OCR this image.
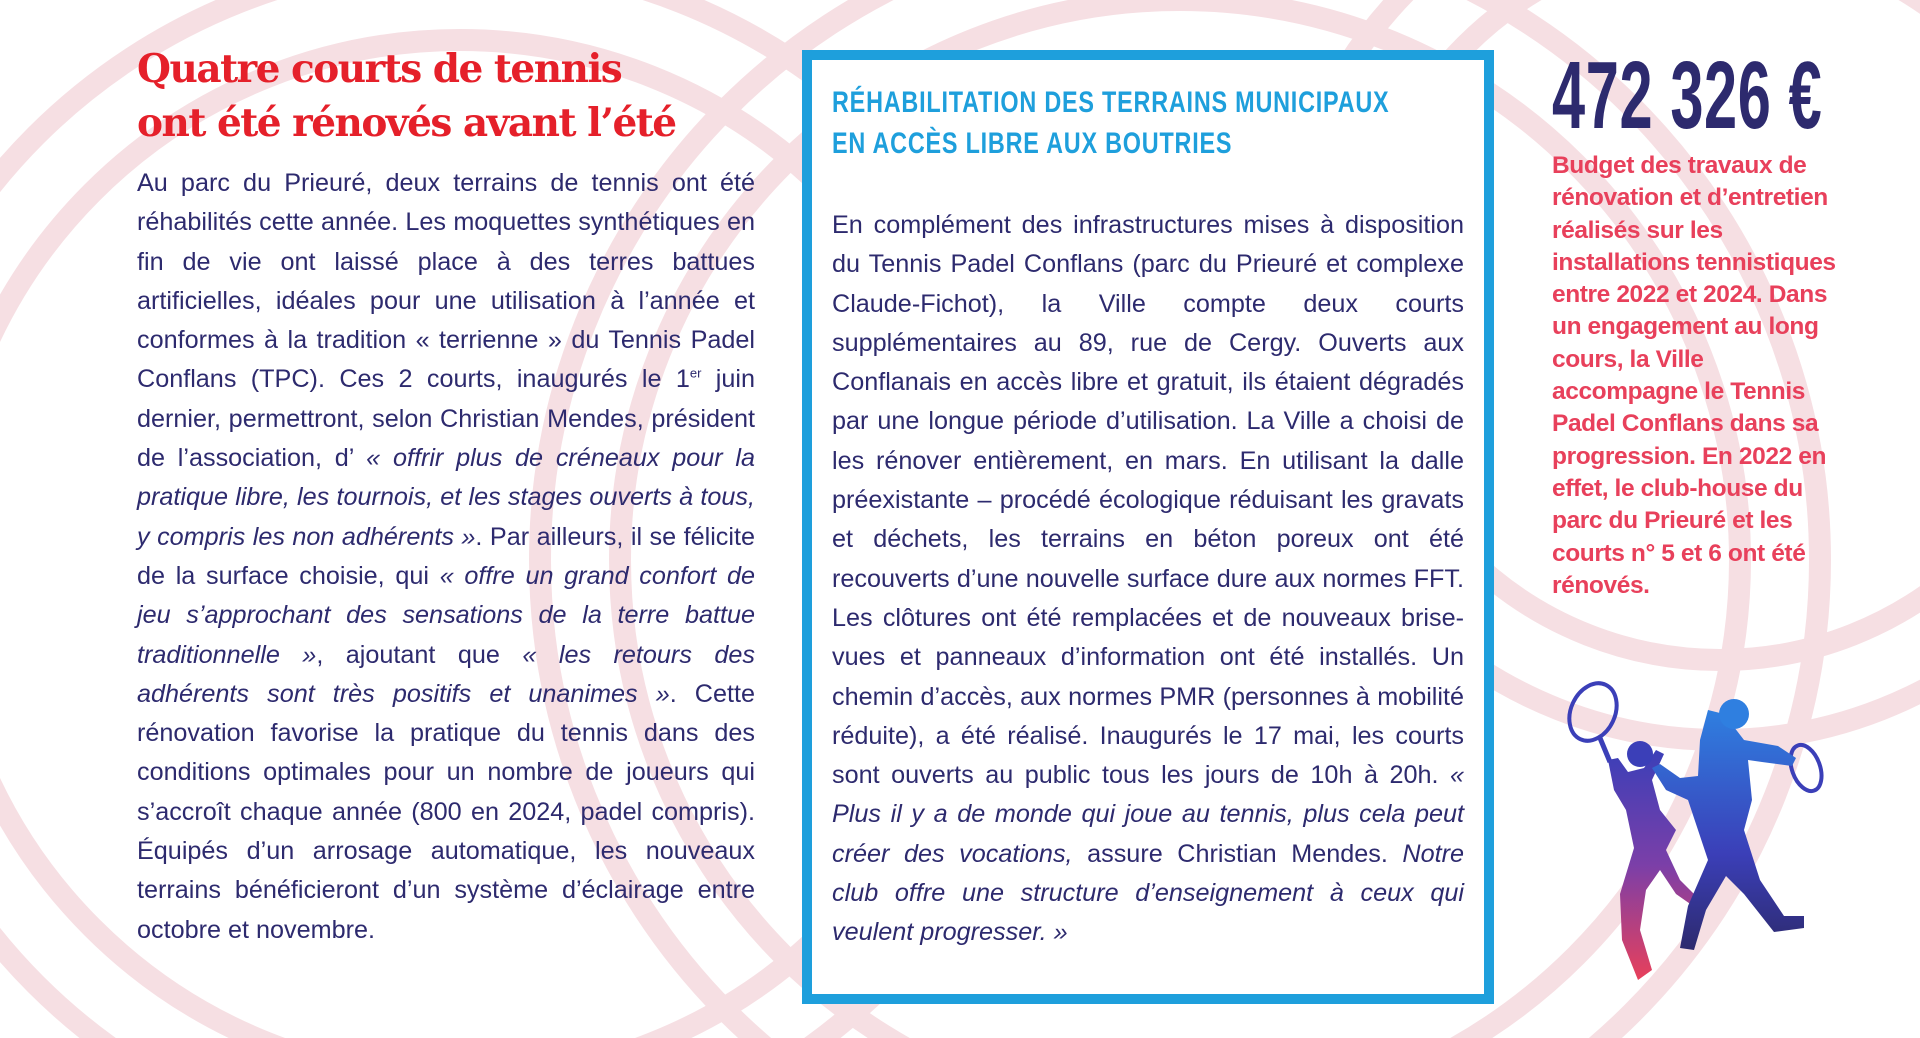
Quatre courts de tennis
ont été rénovés avant l’été

Au parc du Prieuré, deux terrains de tennis ont été réhabilités cette année. Les moquettes synthétiques en fin de vie ont laissé place à des terres battues artificielles, idéales pour une utilisation à l’année et conformes à la tradition « terrienne » du Tennis Padel Conflans (TPC). Ces 2 courts, inaugurés le 1er juin dernier, permettront, selon Christian Mendes, président de l’association, d’ « offrir plus de créneaux pour la pratique libre, les tournois, et les stages ouverts à tous, y compris les non adhérents ». Par ailleurs, il se félicite de la surface choisie, qui « offre un grand confort de jeu s’approchant des sensations de la terre battue traditionnelle », ajoutant que « les retours des adhérents sont très positifs et unanimes ». Cette rénovation favorise la pratique du tennis dans des conditions optimales pour un nombre de joueurs qui s’accroît chaque année (800 en 2024, padel compris). Équipés d’un arrosage automatique, les nouveaux terrains bénéficieront d’un système d’éclairage entre octobre et novembre.

RÉHABILITATION DES TERRAINS MUNICIPAUX
EN ACCÈS LIBRE AUX BOUTRIES

En complément des infrastructures mises à disposition du Tennis Padel Conflans (parc du Prieuré et complexe Claude-Fichot), la Ville compte deux courts supplémentaires au 89, rue de Cergy. Ouverts aux Conflanais en accès libre et gratuit, ils étaient dégradés par une longue période d’utilisation. La Ville a choisi de les rénover entièrement, en mars. En utilisant la dalle préexistante – procédé écologique réduisant les gravats et déchets, les terrains en béton poreux ont été recouverts d’une nouvelle surface dure aux normes FFT. Les clôtures ont été remplacées et de nouveaux brise-vues et panneaux d’information ont été installés. Un chemin d’accès, aux normes PMR (personnes à mobilité réduite), a été réalisé. Inaugurés le 17 mai, les courts sont ouverts au public tous les jours de 10h à 20h. « Plus il y a de monde qui joue au tennis, plus cela peut créer des vocations, assure Christian Mendes. Notre club offre une structure d’enseignement à ceux qui veulent progresser. »

472 326 €
Budget des travaux de rénovation et d’entretien réalisés sur les installations tennistiques entre 2022 et 2024. Dans un engagement au long cours, la Ville accompagne le Tennis Padel Conflans dans sa progression. En 2022 en effet, le club-house du parc du Prieuré et les courts n° 5 et 6 ont été rénovés.
